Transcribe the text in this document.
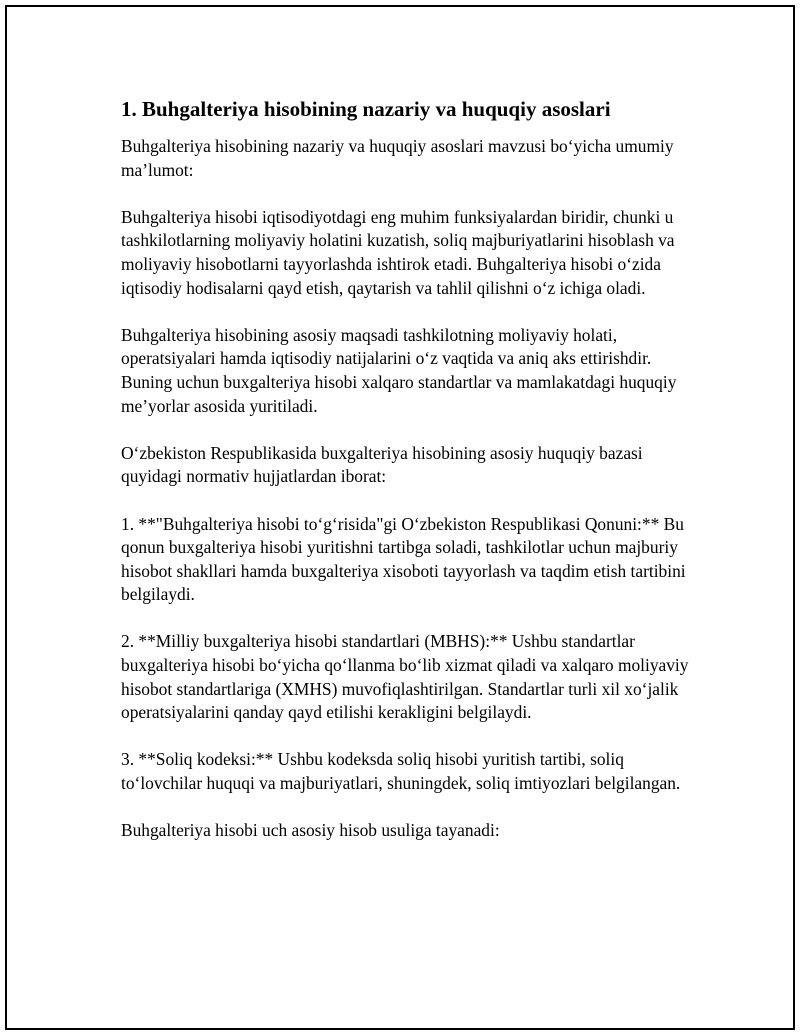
1. Buhgalteriya hisobining nazariy va huquqiy asoslari

Buhgalteriya hisobining nazariy va huquqiy asoslari mavzusi bo‘yicha umumiy ma’lumot:

Buhgalteriya hisobi iqtisodiyotdagi eng muhim funksiyalardan biridir, chunki u tashkilotlarning moliyaviy holatini kuzatish, soliq majburiyatlarini hisoblash va moliyaviy hisobotlarni tayyorlashda ishtirok etadi. Buhgalteriya hisobi o‘zida iqtisodiy hodisalarni qayd etish, qaytarish va tahlil qilishni o‘z ichiga oladi.

Buhgalteriya hisobining asosiy maqsadi tashkilotning moliyaviy holati, operatsiyalari hamda iqtisodiy natijalarini o‘z vaqtida va aniq aks ettirishdir. Buning uchun buxgalteriya hisobi xalqaro standartlar va mamlakatdagi huquqiy me’yorlar asosida yuritiladi.

O‘zbekiston Respublikasida buxgalteriya hisobining asosiy huquqiy bazasi quyidagi normativ hujjatlardan iborat:

1. **"Buhgalteriya hisobi to‘g‘risida"gi O‘zbekiston Respublikasi Qonuni:** Bu qonun buxgalteriya hisobi yuritishni tartibga soladi, tashkilotlar uchun majburiy hisobot shakllari hamda buxgalteriya xisoboti tayyorlash va taqdim etish tartibini belgilaydi.

2. **Milliy buxgalteriya hisobi standartlari (MBHS):** Ushbu standartlar buxgalteriya hisobi bo‘yicha qo‘llanma bo‘lib xizmat qiladi va xalqaro moliyaviy hisobot standartlariga (XMHS) muvofiqlashtirilgan. Standartlar turli xil xo‘jalik operatsiyalarini qanday qayd etilishi kerakligini belgilaydi.

3. **Soliq kodeksi:** Ushbu kodeksda soliq hisobi yuritish tartibi, soliq to‘lovchilar huquqi va majburiyatlari, shuningdek, soliq imtiyozlari belgilangan.

Buhgalteriya hisobi uch asosiy hisob usuliga tayanadi:
